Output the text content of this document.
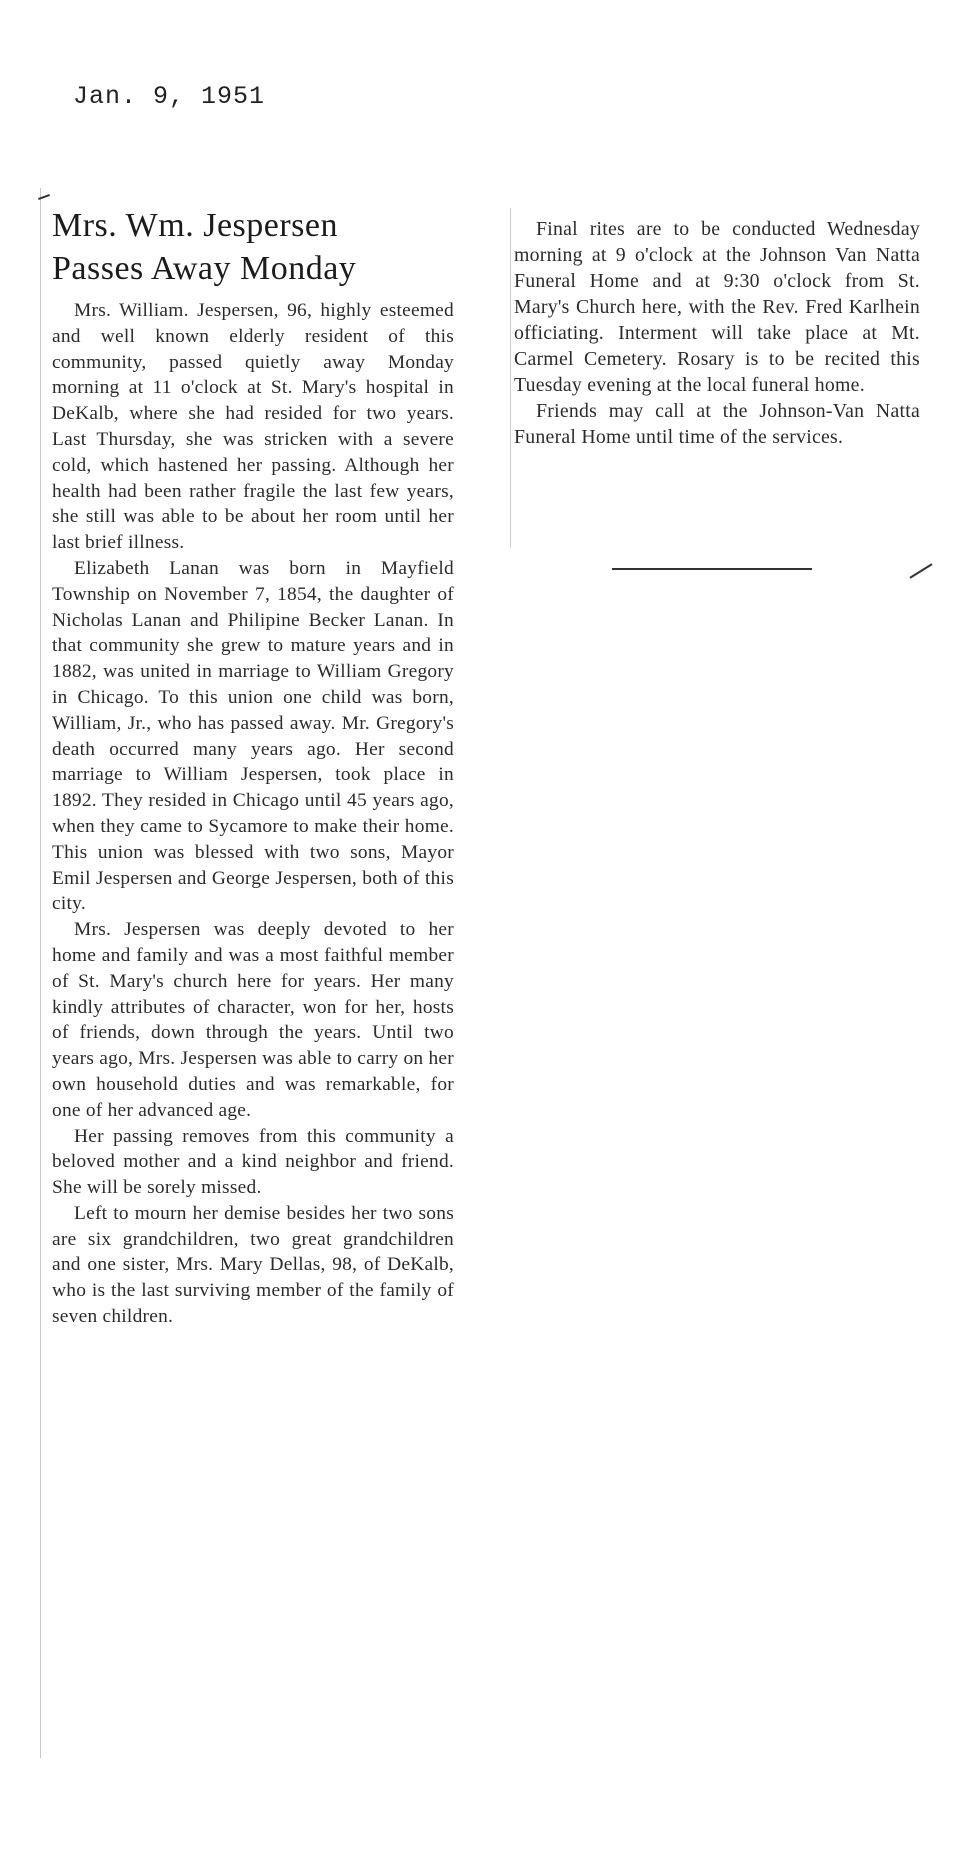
Jan. 9, 1951
Mrs. Wm. Jespersen
Passes Away Monday

Mrs. William. Jespersen, 96, highly esteemed and well known elderly resident of this community, passed quietly away Monday morning at 11 o'clock at St. Mary's hospital in DeKalb, where she had resided for two years. Last Thursday, she was stricken with a severe cold, which hastened her passing. Although her health had been rather fragile the last few years, she still was able to be about her room until her last brief illness.

Elizabeth Lanan was born in Mayfield Township on November 7, 1854, the daughter of Nicholas Lanan and Philipine Becker Lanan. In that community she grew to mature years and in 1882, was united in marriage to William Gregory in Chicago. To this union one child was born, William, Jr., who has passed away. Mr. Gregory's death occurred many years ago. Her second marriage to William Jespersen, took place in 1892. They resided in Chicago until 45 years ago, when they came to Sycamore to make their home. This union was blessed with two sons, Mayor Emil Jespersen and George Jespersen, both of this city.

Mrs. Jespersen was deeply devoted to her home and family and was a most faithful member of St. Mary's church here for years. Her many kindly attributes of character, won for her, hosts of friends, down through the years. Until two years ago, Mrs. Jespersen was able to carry on her own household duties and was remarkable, for one of her advanced age.

Her passing removes from this community a beloved mother and a kind neighbor and friend. She will be sorely missed.

Left to mourn her demise besides her two sons are six grandchildren, two great grandchildren and one sister, Mrs. Mary Dellas, 98, of DeKalb, who is the last surviving member of the family of seven children.

Final rites are to be conducted Wednesday morning at 9 o'clock at the Johnson Van Natta Funeral Home and at 9:30 o'clock from St. Mary's Church here, with the Rev. Fred Karlhein officiating. Interment will take place at Mt. Carmel Cemetery. Rosary is to be recited this Tuesday evening at the local funeral home.

Friends may call at the Johnson-Van Natta Funeral Home until time of the services.
